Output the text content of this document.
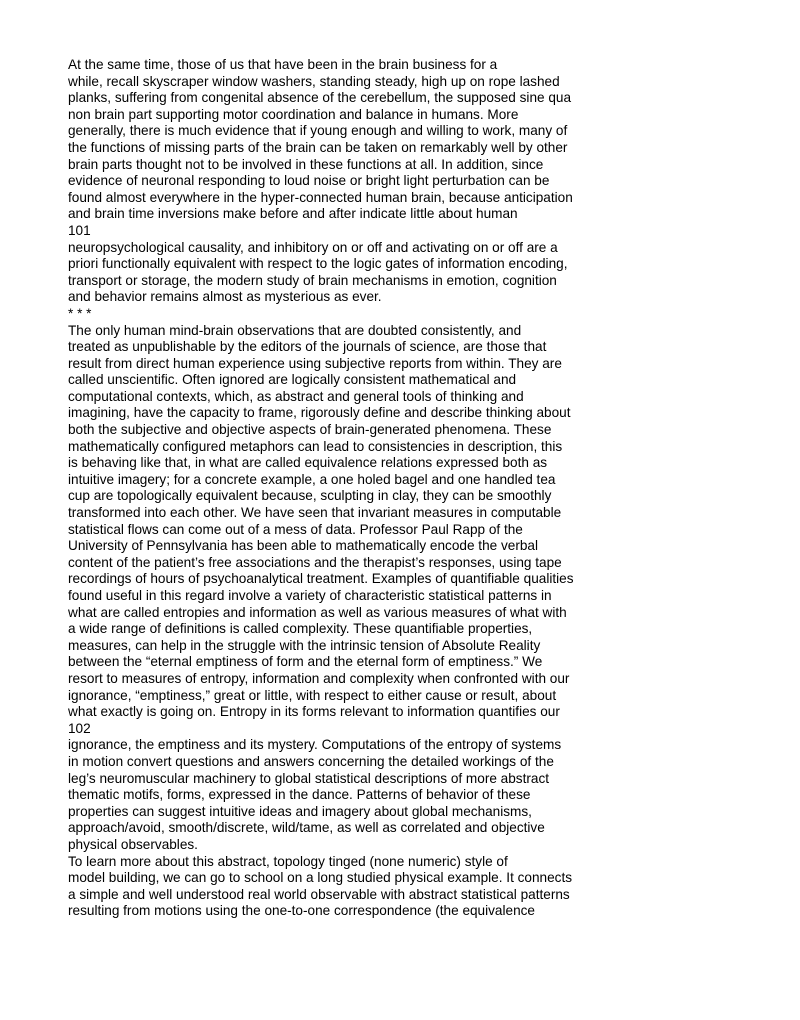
At the same time, those of us that have been in the brain business for a
while, recall skyscraper window washers, standing steady, high up on rope lashed
planks, suffering from congenital absence of the cerebellum, the supposed sine qua
non brain part supporting motor coordination and balance in humans. More
generally, there is much evidence that if young enough and willing to work, many of
the functions of missing parts of the brain can be taken on remarkably well by other
brain parts thought not to be involved in these functions at all. In addition, since
evidence of neuronal responding to loud noise or bright light perturbation can be
found almost everywhere in the hyper-connected human brain, because anticipation
and brain time inversions make before and after indicate little about human
101
neuropsychological causality, and inhibitory on or off and activating on or off are a
priori functionally equivalent with respect to the logic gates of information encoding,
transport or storage, the modern study of brain mechanisms in emotion, cognition
and behavior remains almost as mysterious as ever.
* * *
The only human mind-brain observations that are doubted consistently, and
treated as unpublishable by the editors of the journals of science, are those that
result from direct human experience using subjective reports from within. They are
called unscientific. Often ignored are logically consistent mathematical and
computational contexts, which, as abstract and general tools of thinking and
imagining, have the capacity to frame, rigorously define and describe thinking about
both the subjective and objective aspects of brain-generated phenomena. These
mathematically configured metaphors can lead to consistencies in description, this
is behaving like that, in what are called equivalence relations expressed both as
intuitive imagery; for a concrete example, a one holed bagel and one handled tea
cup are topologically equivalent because, sculpting in clay, they can be smoothly
transformed into each other. We have seen that invariant measures in computable
statistical flows can come out of a mess of data. Professor Paul Rapp of the
University of Pennsylvania has been able to mathematically encode the verbal
content of the patient’s free associations and the therapist’s responses, using tape
recordings of hours of psychoanalytical treatment. Examples of quantifiable qualities
found useful in this regard involve a variety of characteristic statistical patterns in
what are called entropies and information as well as various measures of what with
a wide range of definitions is called complexity. These quantifiable properties,
measures, can help in the struggle with the intrinsic tension of Absolute Reality
between the “eternal emptiness of form and the eternal form of emptiness.” We
resort to measures of entropy, information and complexity when confronted with our
ignorance, “emptiness,” great or little, with respect to either cause or result, about
what exactly is going on. Entropy in its forms relevant to information quantifies our
102
ignorance, the emptiness and its mystery. Computations of the entropy of systems
in motion convert questions and answers concerning the detailed workings of the
leg’s neuromuscular machinery to global statistical descriptions of more abstract
thematic motifs, forms, expressed in the dance. Patterns of behavior of these
properties can suggest intuitive ideas and imagery about global mechanisms,
approach/avoid, smooth/discrete, wild/tame, as well as correlated and objective
physical observables.
To learn more about this abstract, topology tinged (none numeric) style of
model building, we can go to school on a long studied physical example. It connects
a simple and well understood real world observable with abstract statistical patterns
resulting from motions using the one-to-one correspondence (the equivalence
